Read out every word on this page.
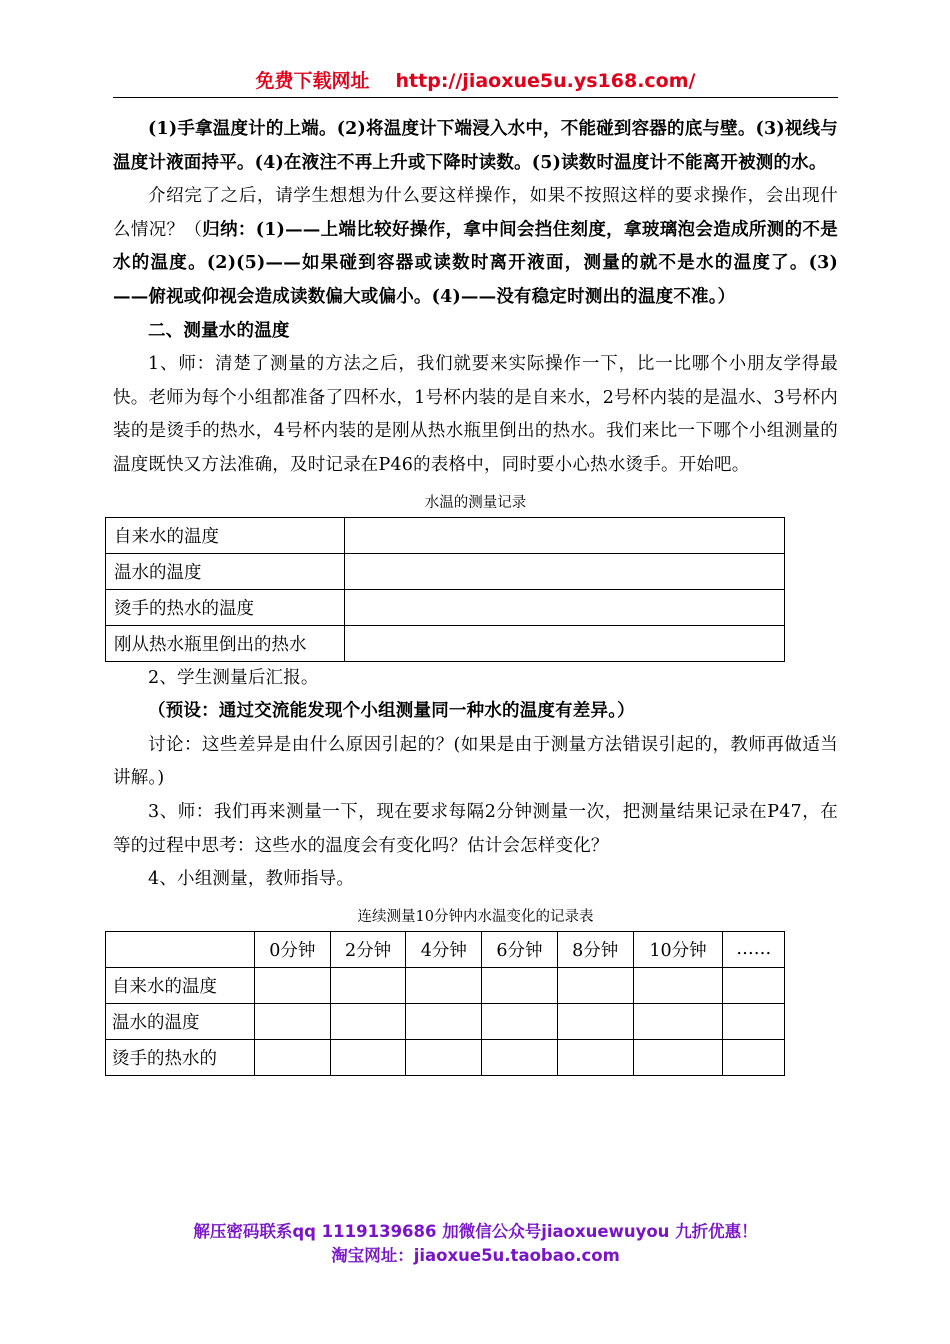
免费下载网址 http://jiaoxue5u.ys168.com/

(1)手拿温度计的上端。(2)将温度计下端浸入水中，不能碰到容器的底与壁。(3)视线与温度计液面持平。(4)在液注不再上升或下降时读数。(5)读数时温度计不能离开被测的水。

介绍完了之后，请学生想想为什么要这样操作，如果不按照这样的要求操作，会出现什么情况？（归纳：(1)——上端比较好操作，拿中间会挡住刻度，拿玻璃泡会造成所测的不是水的温度。(2)(5)——如果碰到容器或读数时离开液面，测量的就不是水的温度了。(3)——俯视或仰视会造成读数偏大或偏小。(4)——没有稳定时测出的温度不准。）

二、测量水的温度

1、师：清楚了测量的方法之后，我们就要来实际操作一下，比一比哪个小朋友学得最快。老师为每个小组都准备了四杯水，1号杯内装的是自来水，2号杯内装的是温水、3号杯内装的是烫手的热水，4号杯内装的是刚从热水瓶里倒出的热水。我们来比一下哪个小组测量的温度既快又方法准确，及时记录在P46的表格中，同时要小心热水烫手。开始吧。

水温的测量记录
自来水的温度	
温水的温度	
烫手的热水的温度	
刚从热水瓶里倒出的热水	

2、学生测量后汇报。

（预设：通过交流能发现个小组测量同一种水的温度有差异。）

讨论：这些差异是由什么原因引起的？(如果是由于测量方法错误引起的，教师再做适当讲解。)

3、师：我们再来测量一下，现在要求每隔2分钟测量一次，把测量结果记录在P47，在等的过程中思考：这些水的温度会有变化吗？估计会怎样变化？

4、小组测量，教师指导。

连续测量10分钟内水温变化的记录表
	0分钟	2分钟	4分钟	6分钟	8分钟	10分钟	……
自来水的温度							
温水的温度							
烫手的热水的							
解压密码联系qq 1119139686 加微信公众号jiaoxuewuyou 九折优惠！
淘宝网址：jiaoxue5u.taobao.com
